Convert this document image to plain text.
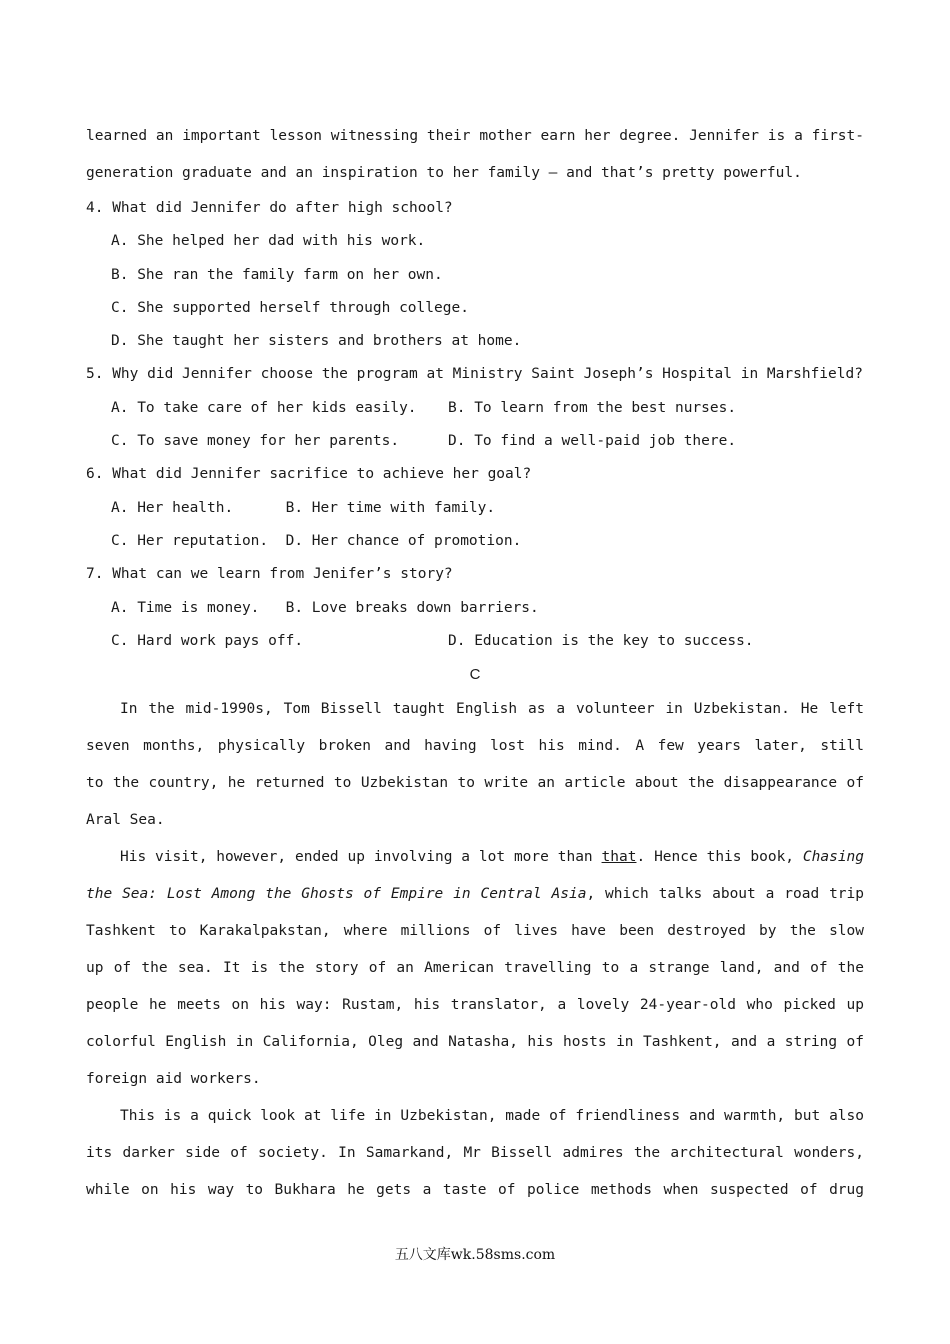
learned an important lesson witnessing their mother earn her degree. Jennifer is a first-
generation graduate and an inspiration to her family — and that’s pretty powerful.
4. What did Jennifer do after high school?
A. She helped her dad with his work.
B. She ran the family farm on her own.
C. She supported herself through college.
D. She taught her sisters and brothers at home.
5. Why did Jennifer choose the program at Ministry Saint Joseph’s Hospital in Marshfield?
A. To take care of her kids easily. B. To learn from the best nurses.
C. To save money for her parents.	D. To find a well-paid job there.
6. What did Jennifer sacrifice to achieve her goal?
A. Her health.	B. Her time with family.
C. Her reputation. D. Her chance of promotion.
7. What can we learn from Jenifer’s story?
A. Time is money. B. Love breaks down barriers.
C. Hard work pays off.	D. Education is the key to success.
C
In the mid-1990s, Tom Bissell taught English as a volunteer in Uzbekistan. He left
seven months, physically broken and having lost his mind. A few years later, still
to the country, he returned to Uzbekistan to write an article about the disappearance of
Aral Sea.
His visit, however, ended up involving a lot more than that. Hence this book, Chasing
the Sea: Lost Among the Ghosts of Empire in Central Asia, which talks about a road trip
Tashkent to Karakalpakstan, where millions of lives have been destroyed by the slow
up of the sea. It is the story of an American travelling to a strange land, and of the
people he meets on his way: Rustam, his translator, a lovely 24-year-old who picked up
colorful English in California, Oleg and Natasha, his hosts in Tashkent, and a string of
foreign aid workers.
This is a quick look at life in Uzbekistan, made of friendliness and warmth, but also
its darker side of society. In Samarkand, Mr Bissell admires the architectural wonders,
while on his way to Bukhara he gets a taste of police methods when suspected of drug
五八文库wk.58sms.com
